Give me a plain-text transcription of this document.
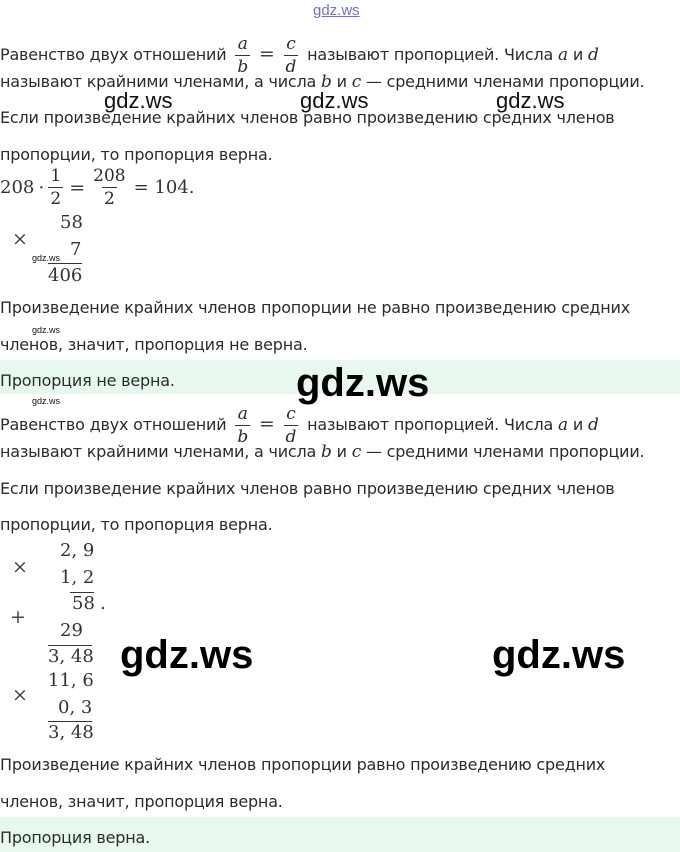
gdz.ws
Равенство двух отношений $\frac{a}{b} = \frac{c}{d}$ называют пропорцией. Числа a и d
называют крайними членами, а числа b и c — средними членами пропорции.
gdz.ws	gdz.ws	gdz.ws
Если произведение крайних членов равно произведению средних членов
пропорции, то пропорция верна.
$208 \cdot \frac{1}{2} = \frac{208}{2} = 104$.
×
58
gdz.ws 7
406
Произведение крайних членов пропорции не равно произведению средних
gdz.ws
членов, значит, пропорция не верна.
Пропорция не верна.	gdz.ws
gdz.ws
Равенство двух отношений $\frac{a}{b} = \frac{c}{d}$ называют пропорцией. Числа a и d
называют крайними членами, а числа b и c — средними членами пропорции.
Если произведение крайних членов равно произведению средних членов
пропорции, то пропорция верна.
×
2, 9
1, 2
58 .
+
29
3, 48 gdz.ws	gdz.ws
×
11, 6
0, 3
3, 48
Произведение крайних членов пропорции равно произведению средних
членов, значит, пропорция верна.
Пропорция верна.
